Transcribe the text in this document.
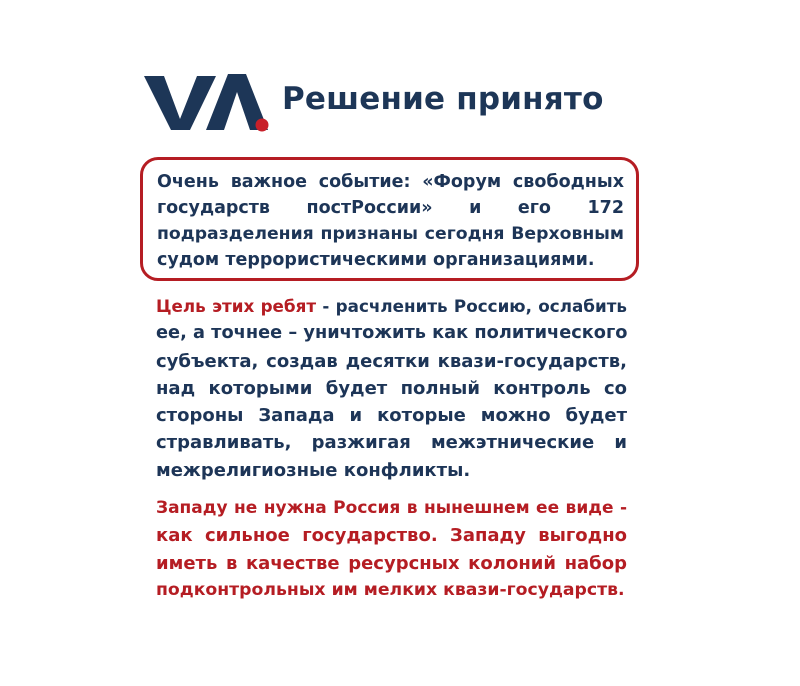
Решение принято
Очень важное событие: «Форум свободных
государств постРоссии» и его 172
подразделения признаны сегодня Верховным
судом террористическими организациями.
Цель этих ребят - расчленить Россию, ослабить
ее, а точнее – уничтожить как политического
субъекта, создав десятки квази-государств,
над которыми будет полный контроль со
стороны Запада и которые можно будет
стравливать, разжигая межэтнические и
межрелигиозные конфликты.
Западу не нужна Россия в нынешнем ее виде -
как сильное государство. Западу выгодно
иметь в качестве ресурсных колоний набор
подконтрольных им мелких квази-государств.
